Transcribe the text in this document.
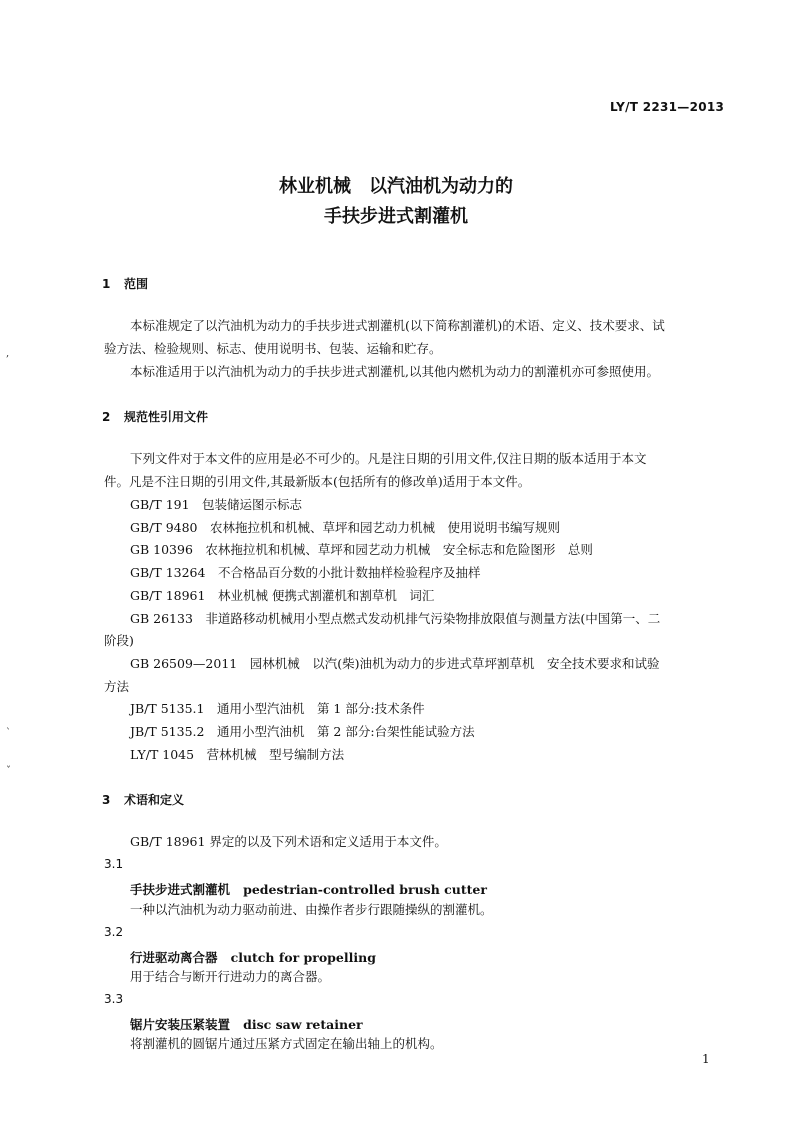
LY/T 2231—2013
林业机械　以汽油机为动力的
手扶步进式割灌机
1 范围
本标准规定了以汽油机为动力的手扶步进式割灌机(以下简称割灌机)的术语、定义、技术要求、试
验方法、检验规则、标志、使用说明书、包装、运输和贮存。
本标准适用于以汽油机为动力的手扶步进式割灌机,以其他内燃机为动力的割灌机亦可参照使用。
2 规范性引用文件
下列文件对于本文件的应用是必不可少的。凡是注日期的引用文件,仅注日期的版本适用于本文
件。凡是不注日期的引用文件,其最新版本(包括所有的修改单)适用于本文件。
GB/T 191　包装储运图示标志
GB/T 9480　农林拖拉机和机械、草坪和园艺动力机械　使用说明书编写规则
GB 10396　农林拖拉机和机械、草坪和园艺动力机械　安全标志和危险图形　总则
GB/T 13264　不合格品百分数的小批计数抽样检验程序及抽样
GB/T 18961　林业机械 便携式割灌机和割草机　词汇
GB 26133　非道路移动机械用小型点燃式发动机排气污染物排放限值与测量方法(中国第一、二
阶段)
GB 26509—2011　园林机械　以汽(柴)油机为动力的步进式草坪割草机　安全技术要求和试验
方法
JB/T 5135.1　通用小型汽油机　第 1 部分:技术条件
JB/T 5135.2　通用小型汽油机　第 2 部分:台架性能试验方法
LY/T 1045　营林机械　型号编制方法
3 术语和定义
GB/T 18961 界定的以及下列术语和定义适用于本文件。
3.1
手扶步进式割灌机 pedestrian-controlled brush cutter
一种以汽油机为动力驱动前进、由操作者步行跟随操纵的割灌机。
3.2
行进驱动离合器 clutch for propelling
用于结合与断开行进动力的离合器。
3.3
锯片安装压紧装置 disc saw retainer
将割灌机的圆锯片通过压紧方式固定在输出轴上的机构。
,
`
ˇ
1
